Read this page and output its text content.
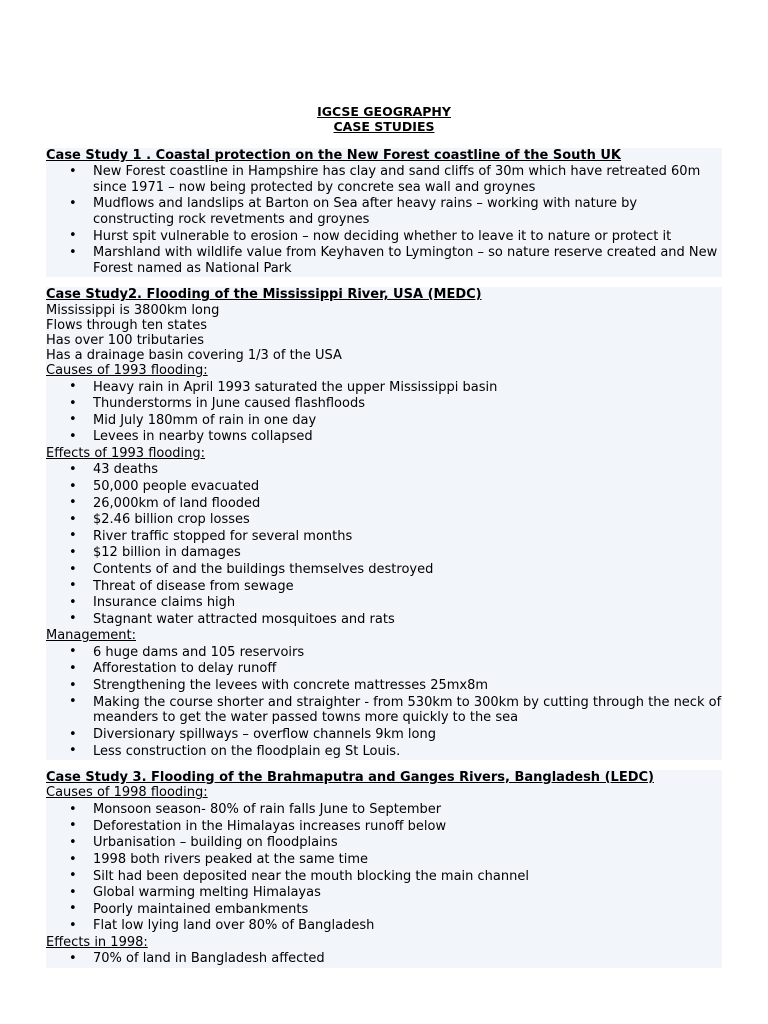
IGCSE GEOGRAPHY
CASE STUDIES
Case Study 1 . Coastal protection on the New Forest coastline of the South UK
• New Forest coastline in Hampshire has clay and sand cliffs of 30m which have retreated 60m since 1971 – now being protected by concrete sea wall and groynes
• Mudflows and landslips at Barton on Sea after heavy rains – working with nature by constructing rock revetments and groynes
• Hurst spit vulnerable to erosion – now deciding whether to leave it to nature or protect it
• Marshland with wildlife value from Keyhaven to Lymington – so nature reserve created and New Forest named as National Park
Case Study2. Flooding of the Mississippi River, USA (MEDC)
Mississippi is 3800km long
Flows through ten states
Has over 100 tributaries
Has a drainage basin covering 1/3 of the USA
Causes of 1993 flooding:
• Heavy rain in April 1993 saturated the upper Mississippi basin
• Thunderstorms in June caused flashfloods
• Mid July 180mm of rain in one day
• Levees in nearby towns collapsed
Effects of 1993 flooding:
• 43 deaths
• 50,000 people evacuated
• 26,000km of land flooded
• $2.46 billion crop losses
• River traffic stopped for several months
• $12 billion in damages
• Contents of and the buildings themselves destroyed
• Threat of disease from sewage
• Insurance claims high
• Stagnant water attracted mosquitoes and rats
Management:
• 6 huge dams and 105 reservoirs
• Afforestation to delay runoff
• Strengthening the levees with concrete mattresses 25mx8m
• Making the course shorter and straighter - from 530km to 300km by cutting through the neck of meanders to get the water passed towns more quickly to the sea
• Diversionary spillways – overflow channels 9km long
• Less construction on the floodplain eg St Louis.
Case Study 3. Flooding of the Brahmaputra and Ganges Rivers, Bangladesh (LEDC)
Causes of 1998 flooding:
• Monsoon season- 80% of rain falls June to September
• Deforestation in the Himalayas increases runoff below
• Urbanisation – building on floodplains
• 1998 both rivers peaked at the same time
• Silt had been deposited near the mouth blocking the main channel
• Global warming melting Himalayas
• Poorly maintained embankments
• Flat low lying land over 80% of Bangladesh
Effects in 1998:
• 70% of land in Bangladesh affected
